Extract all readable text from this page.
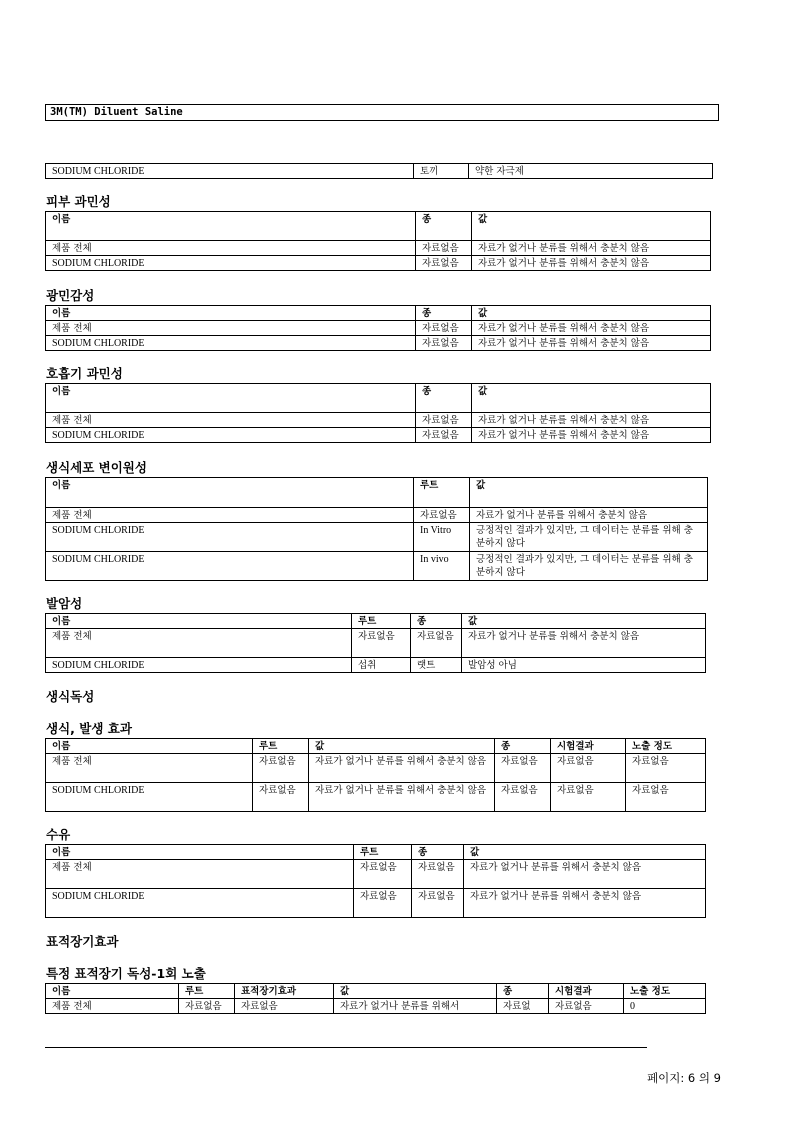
3M(TM) Diluent Saline
SODIUM CHLORIDE	토끼	약한 자극제
피부 과민성
이름	종	값
제품 전체	자료없음	자료가 없거나 분류를 위해서 충분치 않음
SODIUM CHLORIDE	자료없음	자료가 없거나 분류를 위해서 충분치 않음
광민감성
이름	종	값
제품 전체	자료없음	자료가 없거나 분류를 위해서 충분치 않음
SODIUM CHLORIDE	자료없음	자료가 없거나 분류를 위해서 충분치 않음
호흡기 과민성
이름	종	값
제품 전체	자료없음	자료가 없거나 분류를 위해서 충분치 않음
SODIUM CHLORIDE	자료없음	자료가 없거나 분류를 위해서 충분치 않음
생식세포 변이원성
이름	루트	값
제품 전체	자료없음	자료가 없거나 분류를 위해서 충분치 않음
SODIUM CHLORIDE	In Vitro	긍정적인 결과가 있지만, 그 데이터는 분류를 위해 충분하지 않다
SODIUM CHLORIDE	In vivo	긍정적인 결과가 있지만, 그 데이터는 분류를 위해 충분하지 않다
발암성
이름	루트	종	값
제품 전체	자료없음	자료없음	자료가 없거나 분류를 위해서 충분치 않음
SODIUM CHLORIDE	섭취	랫트	발암성 아님
생식독성
생식, 발생 효과
이름	루트	값	종	시험결과	노출 정도
제품 전체	자료없음	자료가 없거나 분류를 위해서 충분치 않음	자료없음	자료없음	자료없음
SODIUM CHLORIDE	자료없음	자료가 없거나 분류를 위해서 충분치 않음	자료없음	자료없음	자료없음
수유
이름	루트	종	값
제품 전체	자료없음	자료없음	자료가 없거나 분류를 위해서 충분치 않음
SODIUM CHLORIDE	자료없음	자료없음	자료가 없거나 분류를 위해서 충분치 않음
표적장기효과
특정 표적장기 독성-1회 노출
이름	루트	표적장기효과	값	종	시험결과	노출 정도
제품 전체	자료없음	자료없음	자료가 없거나 분류를 위해서	자료없	자료없음	0
페이지: 6 의 9
